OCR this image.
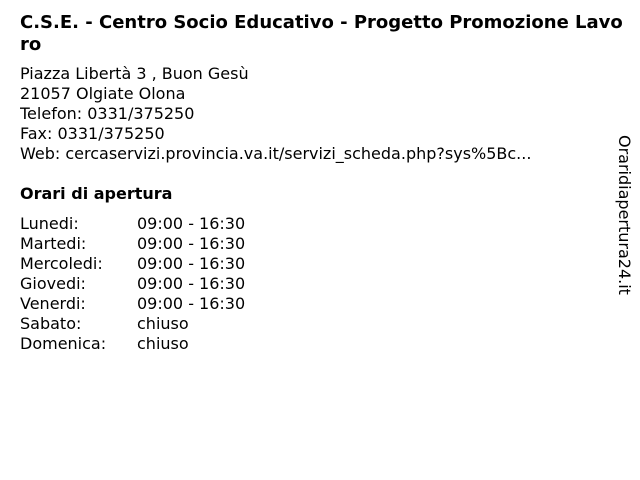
C.S.E. - Centro Socio Educativo - Progetto Promozione Lavoro
Piazza Libertà 3 , Buon Gesù
21057 Olgiate Olona
Telefon: 0331/375250
Fax: 0331/375250
Web: cercaservizi.provincia.va.it/servizi_scheda.php?sys%5Bc...
Orari di apertura
Lunedi:	09:00 - 16:30
Martedi:	09:00 - 16:30
Mercoledi:	09:00 - 16:30
Giovedi:	09:00 - 16:30
Venerdi:	09:00 - 16:30
Sabato:	chiuso
Domenica:	chiuso
Oraridiapertura24.it
